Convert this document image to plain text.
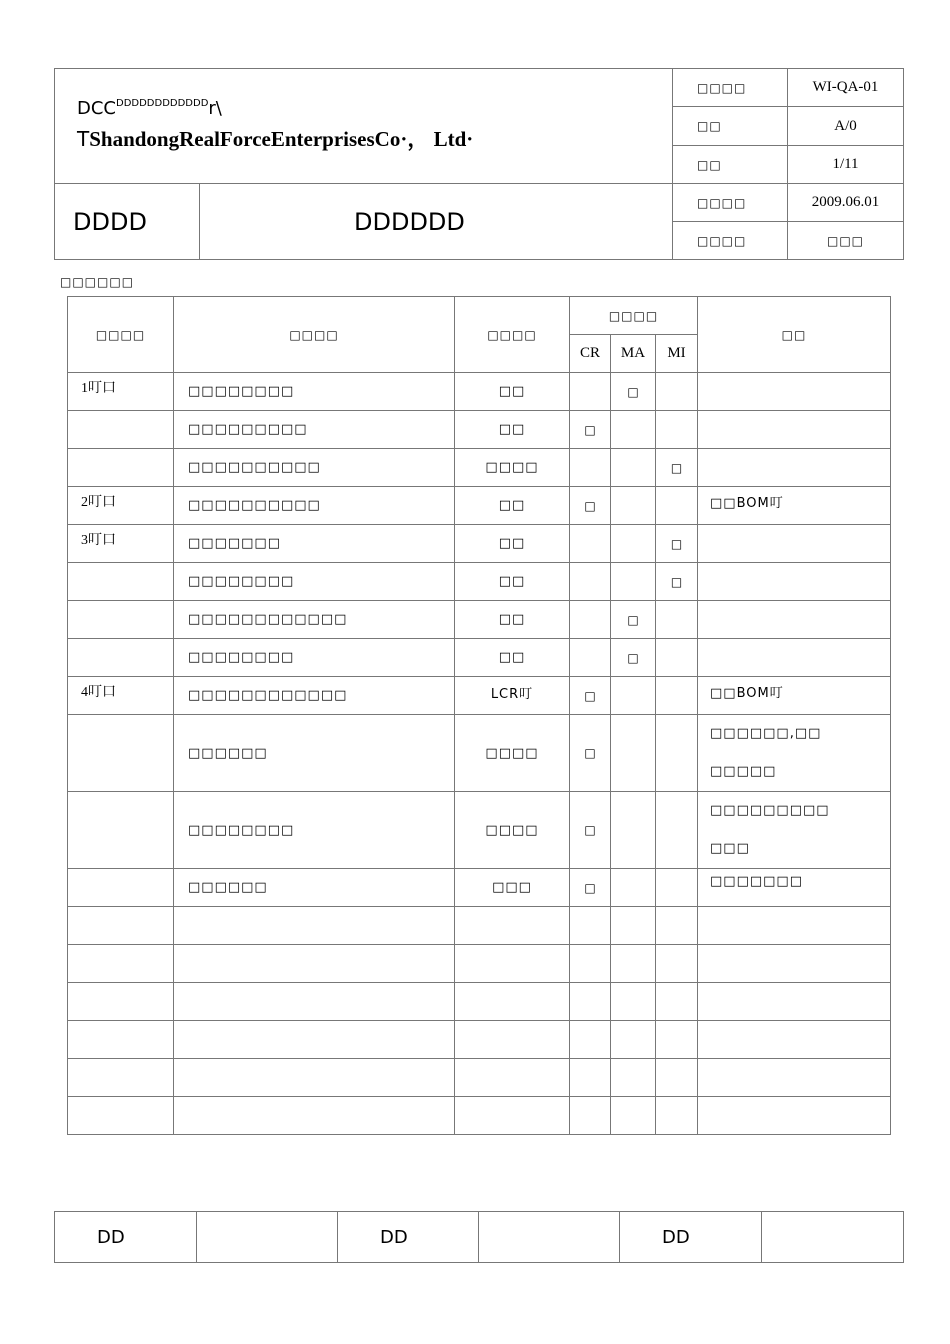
$DCC^{DDDDDDDDDDDD}r\backslash$
TShandongRealForceEnterprisesCo·， Ltd·		□□□□	WI-QA-01
		□□	A/0
		□□	1/11
DDDD	DDDDDD	□□□□	2009.06.01
		□□□□	□□□
□□□□□□
□□□□	□□□□	□□□□	□□□□			□□
			CR	MA	MI	
1叮口	□□□□□□□□	□□		□		
	□□□□□□□□□	□□	□			
	□□□□□□□□□□	□□□□			□	
2叮口	□□□□□□□□□□	□□	□			□□BOM叮
3叮口	□□□□□□□	□□			□	
	□□□□□□□□	□□			□	
	□□□□□□□□□□□□	□□		□		
	□□□□□□□□	□□		□		
4叮口	□□□□□□□□□□□□	LCR叮	□			□□BOM叮
	□□□□□□	□□□□	□			□□□□□□,□□
□□□□□

	□□□□□□□□	□□□□	□			□□□□□□□□□
□□□

	□□□□□□	□□□	□			□□□□□□□

DD		DD		DD	
